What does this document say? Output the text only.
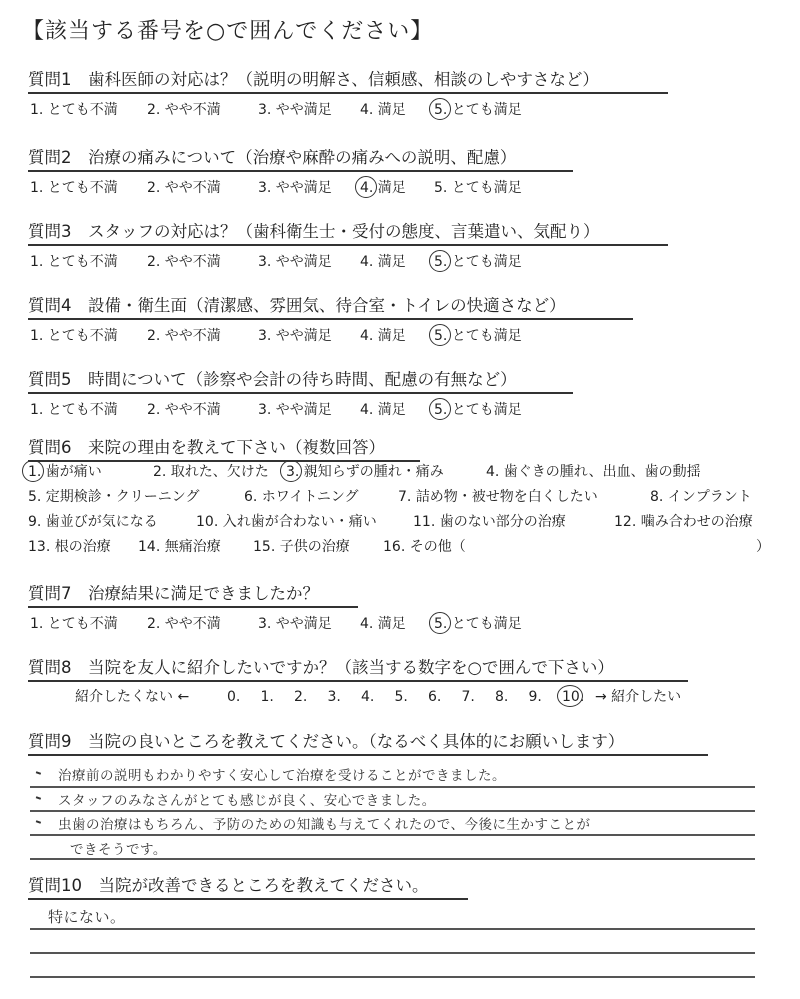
【該当する番号を○で囲んでください】
質問1　歯科医師の対応は？（説明の明解さ、信頼感、相談のしやすさなど）
1. とても不満 2. やや不満	3. やや満足 4. 満足 5. とても満足
質問2　治療の痛みについて（治療や麻酔の痛みへの説明、配慮）
1. とても不満 2. やや不満	3. やや満足 4. 満足 5. とても満足
質問3　スタッフの対応は？（歯科衛生士・受付の態度、言葉遣い、気配り）
1. とても不満 2. やや不満	3. やや満足 4. 満足 5. とても満足
質問4　設備・衛生面（清潔感、雰囲気、待合室・トイレの快適さなど）
1. とても不満 2. やや不満	3. やや満足 4. 満足 5. とても満足
質問5　時間について（診察や会計の待ち時間、配慮の有無など）
1. とても不満 2. やや不満	3. やや満足 4. 満足 5. とても満足
質問6　来院の理由を教えて下さい（複数回答）
質問7　治療結果に満足できましたか？
1. とても不満 2. やや不満	3. やや満足 4. 満足 5. とても満足
質問8　当院を友人に紹介したいですか？（該当する数字を○で囲んで下さい）
質問9　当院の良いところを教えてください。（なるべく具体的にお願いします）
質問10　当院が改善できるところを教えてください。
1. 歯が痛い	2. 取れた、欠けた 3. 親知らずの腫れ・痛み	4. 歯ぐきの腫れ、出血、歯の動揺
5. 定期検診・クリーニング	6. ホワイトニング	7. 詰め物・被せ物を白くしたい	8. インプラント
9. 歯並びが気になる	10. 入れ歯が合わない・痛い	11. 歯のない部分の治療	12. 噛み合わせの治療
13. 根の治療 14. 無痛治療 15. 子供の治療 16. その他（	）
紹介したくない ←	0. 1. 2. 3. 4. 5. 6. 7. 8. 9. 10. → 紹介したい
治療前の説明もわかりやすく安心して治療を受けることができました。
スタッフのみなさんがとても感じが良く、安心できました。
虫歯の治療はもちろん、予防のための知識も与えてくれたので、今後に生かすことが
できそうです。
特にない。
